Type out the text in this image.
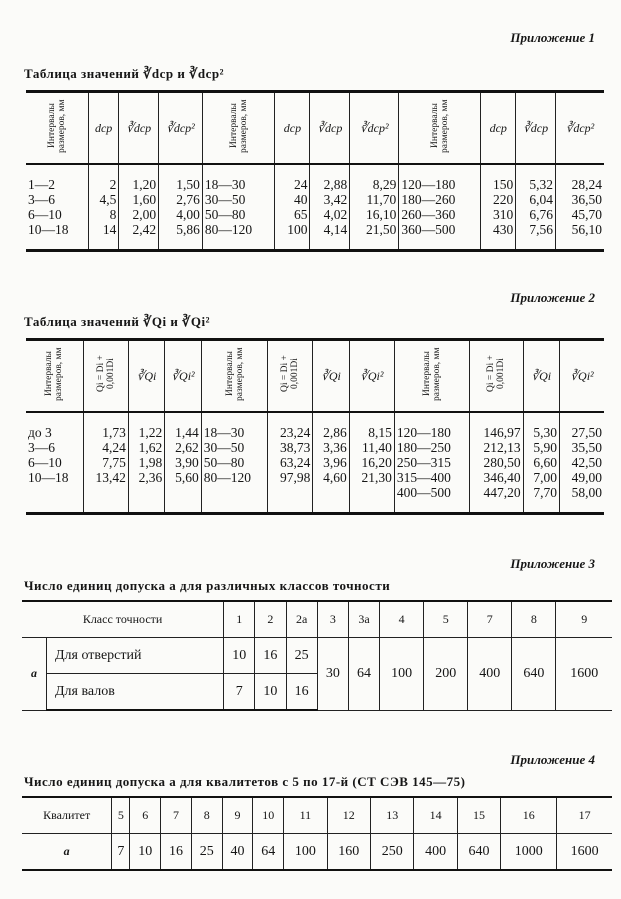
Приложение 1
Таблица значений ∛dср и ∛dср²
Интервалы размеров, мм	dср	∛dср	∛dср²	Интервалы размеров, мм	dср	∛dср	∛dср²	Интервалы размеров, мм	dср	∛dср	∛dср²

1—2	2	1,20	1,50	18—30	24	2,88	8,29	120—180	150	5,32	28,24
3—6	4,5	1,60	2,76	30—50	40	3,42	11,70	180—260	220	6,04	36,50
6—10	8	2,00	4,00	50—80	65	4,02	16,10	260—360	310	6,76	45,70
10—18	14	2,42	5,86	80—120	100	4,14	21,50	360—500	430	7,56	56,10

Приложение 2
Таблица значений ∛Qi и ∛Qi²
Интервалы размеров, мм	Qi = Di + 0,001Di	∛Qi	∛Qi²	Интервалы размеров, мм	Qi = Di + 0,001Di	∛Qi	∛Qi²	Интервалы размеров, мм	Qi = Di + 0,001Di	∛Qi	∛Qi²

до 3	1,73	1,22	1,44	18—30	23,24	2,86	8,15	120—180	146,97	5,30	27,50
3—6	4,24	1,62	2,62	30—50	38,73	3,36	11,40	180—250	212,13	5,90	35,50
6—10	7,75	1,98	3,90	50—80	63,24	3,96	16,20	250—315	280,50	6,60	42,50
10—18	13,42	2,36	5,60	80—120	97,98	4,60	21,30	315—400	346,40	7,00	49,00
								400—500	447,20	7,70	58,00

Приложение 3
Число единиц допуска a для различных классов точности
Класс точности		1	2	2а	3	3а	4	5	7	8	9
a	Для отверстий	10	16	25	30	64	100	200	400	640	1600
	Для валов	7	10	16							
Приложение 4
Число единиц допуска a для квалитетов с 5 по 17-й (СТ СЭВ 145—75)
Квалитет	5	6	7	8	9	10	11	12	13	14	15	16	17
a	7	10	16	25	40	64	100	160	250	400	640	1000	1600
